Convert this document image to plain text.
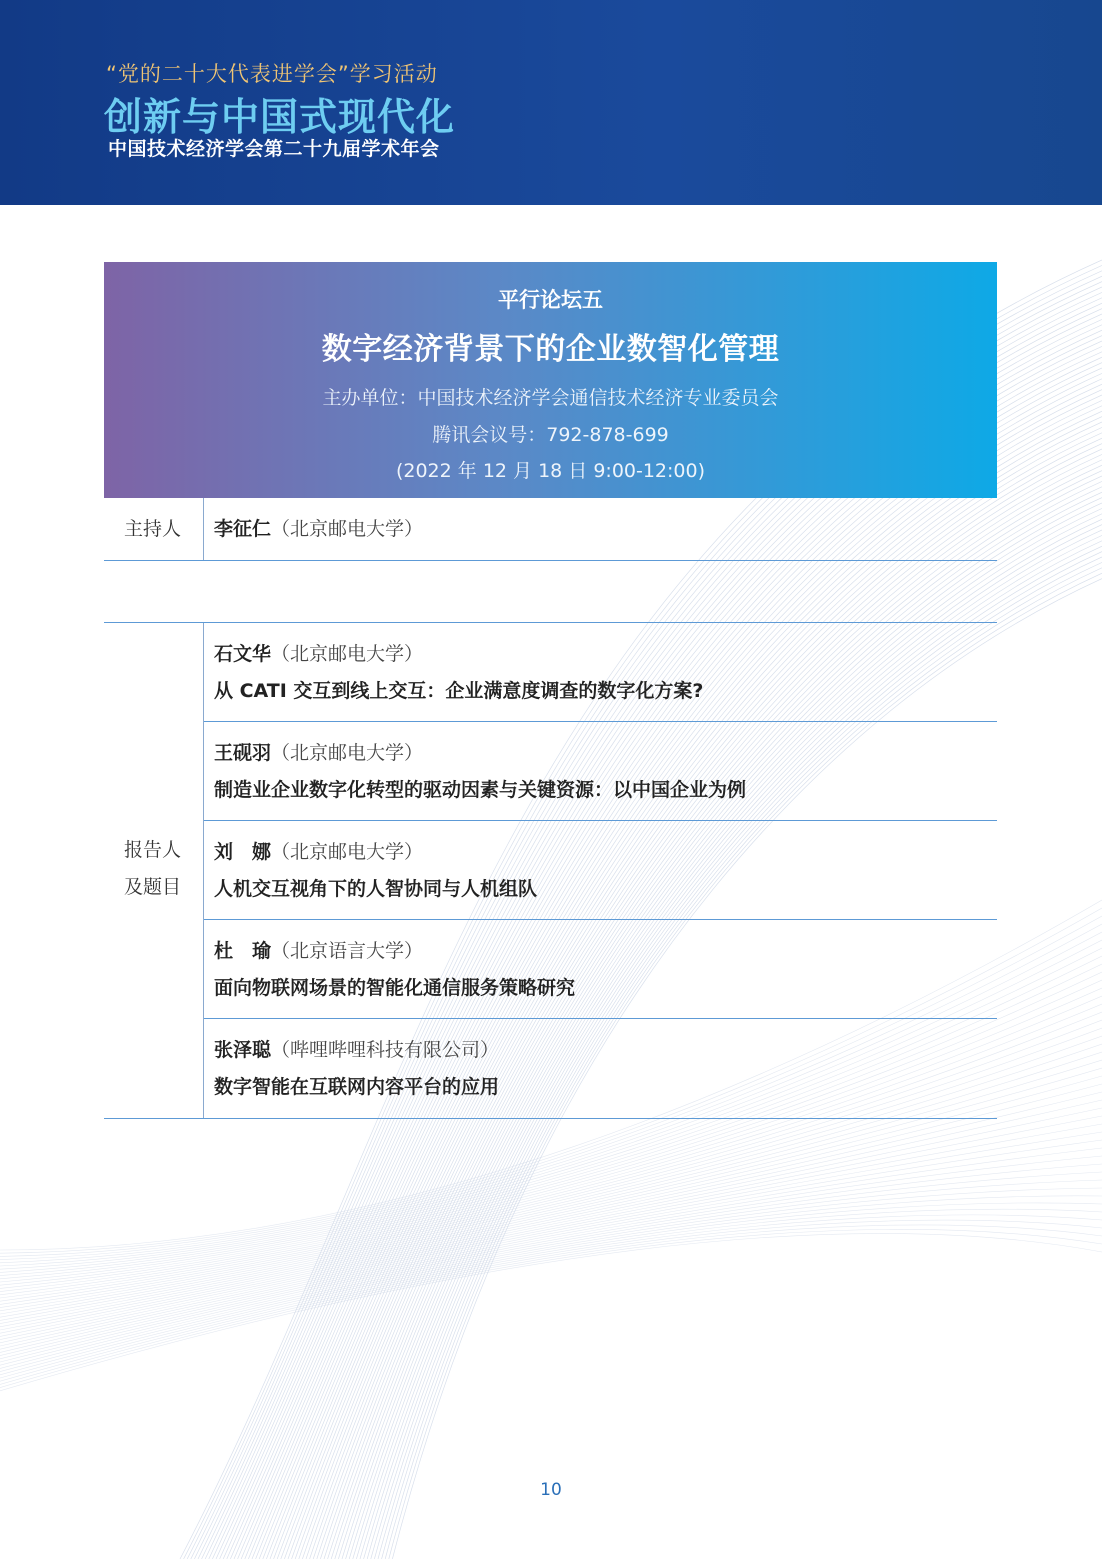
“党的二十大代表进学会”学习活动
创新与中国式现代化
中国技术经济学会第二十九届学术年会
平行论坛五
数字经济背景下的企业数智化管理
主办单位：中国技术经济学会通信技术经济专业委员会
腾讯会议号：792-878-699
(2022 年 12 月 18 日 9:00-12:00)
主持人 李征仁（北京邮电大学）
报告人
及题目
石文华（北京邮电大学）
从 CATI 交互到线上交互：企业满意度调查的数字化方案?
王砚羽（北京邮电大学）
制造业企业数字化转型的驱动因素与关键资源：以中国企业为例
刘　娜（北京邮电大学）
人机交互视角下的人智协同与人机组队
杜　瑜（北京语言大学）
面向物联网场景的智能化通信服务策略研究
张泽聪（哔哩哔哩科技有限公司）
数字智能在互联网内容平台的应用
10
